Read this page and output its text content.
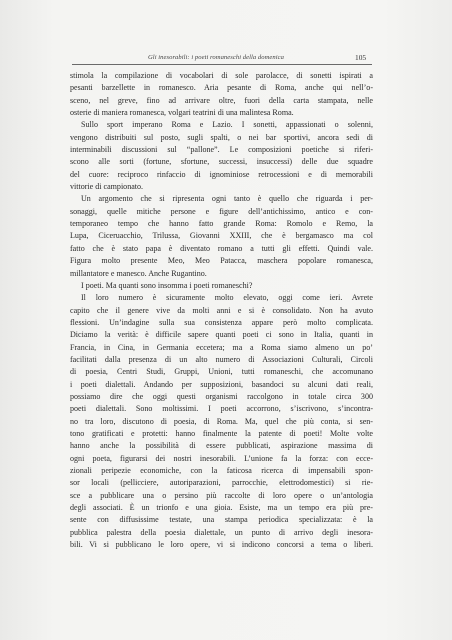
Gli inesorabili: i poeti romaneschi della domenica	105
stimola la compilazione di vocabolari di sole parolacce, di sonetti ispirati a
pesanti barzellette in romanesco. Aria pesante di Roma, anche qui nell’o-
sceno, nel greve, fino ad arrivare oltre, fuori della carta stampata, nelle
osterie di maniera romanesca, volgari teatrini di una malintesa Roma.
Sullo sport imperano Roma e Lazio. I sonetti, appassionati o solenni,
vengono distribuiti sul posto, sugli spalti, o nei bar sportivi, ancora sedi di
interminabili discussioni sul “pallone”. Le composizioni poetiche si riferi-
scono alle sorti (fortune, sfortune, successi, insuccessi) delle due squadre
del cuore: reciproco rinfaccio di ignominiose retrocessioni e di memorabili
vittorie di campionato.
Un argomento che si ripresenta ogni tanto è quello che riguarda i per-
sonaggi, quelle mitiche persone e figure dell’antichissimo, antico e con-
temporaneo tempo che hanno fatto grande Roma: Romolo e Remo, la
Lupa, Ciceruacchio, Trilussa, Giovanni XXIII, che è bergamasco ma col
fatto che è stato papa è diventato romano a tutti gli effetti. Quindi vale.
Figura molto presente Meo, Meo Patacca, maschera popolare romanesca,
millantatore e manesco. Anche Rugantino.
I poeti. Ma quanti sono insomma i poeti romaneschi?
Il loro numero è sicuramente molto elevato, oggi come ieri. Avrete
capito che il genere vive da molti anni e si è consolidato. Non ha avuto
flessioni. Un’indagine sulla sua consistenza appare però molto complicata.
Diciamo la verità: è difficile sapere quanti poeti ci sono in Italia, quanti in
Francia, in Cina, in Germania eccetera; ma a Roma siamo almeno un po’
facilitati dalla presenza di un alto numero di Associazioni Culturali, Circoli
di poesia, Centri Studi, Gruppi, Unioni, tutti romaneschi, che accomunano
i poeti dialettali. Andando per supposizioni, basandoci su alcuni dati reali,
possiamo dire che oggi questi organismi raccolgono in totale circa 300
poeti dialettali. Sono moltissimi. I poeti accorrono, s’iscrivono, s’incontra-
no tra loro, discutono di poesia, di Roma. Ma, quel che più conta, si sen-
tono gratificati e protetti: hanno finalmente la patente di poeti! Molte volte
hanno anche la possibilità di essere pubblicati, aspirazione massima di
ogni poeta, figurarsi dei nostri inesorabili. L’unione fa la forza: con ecce-
zionali peripezie economiche, con la faticosa ricerca di impensabili spon-
sor locali (pellicciere, autoriparazioni, parrocchie, elettrodomestici) si rie-
sce a pubblicare una o persino più raccolte di loro opere o un’antologia
degli associati. È un trionfo e una gioia. Esiste, ma un tempo era più pre-
sente con diffusissime testate, una stampa periodica specializzata: è la
pubblica palestra della poesia dialettale, un punto di arrivo degli inesora-
bili. Vi si pubblicano le loro opere, vi si indicono concorsi a tema o liberi.
